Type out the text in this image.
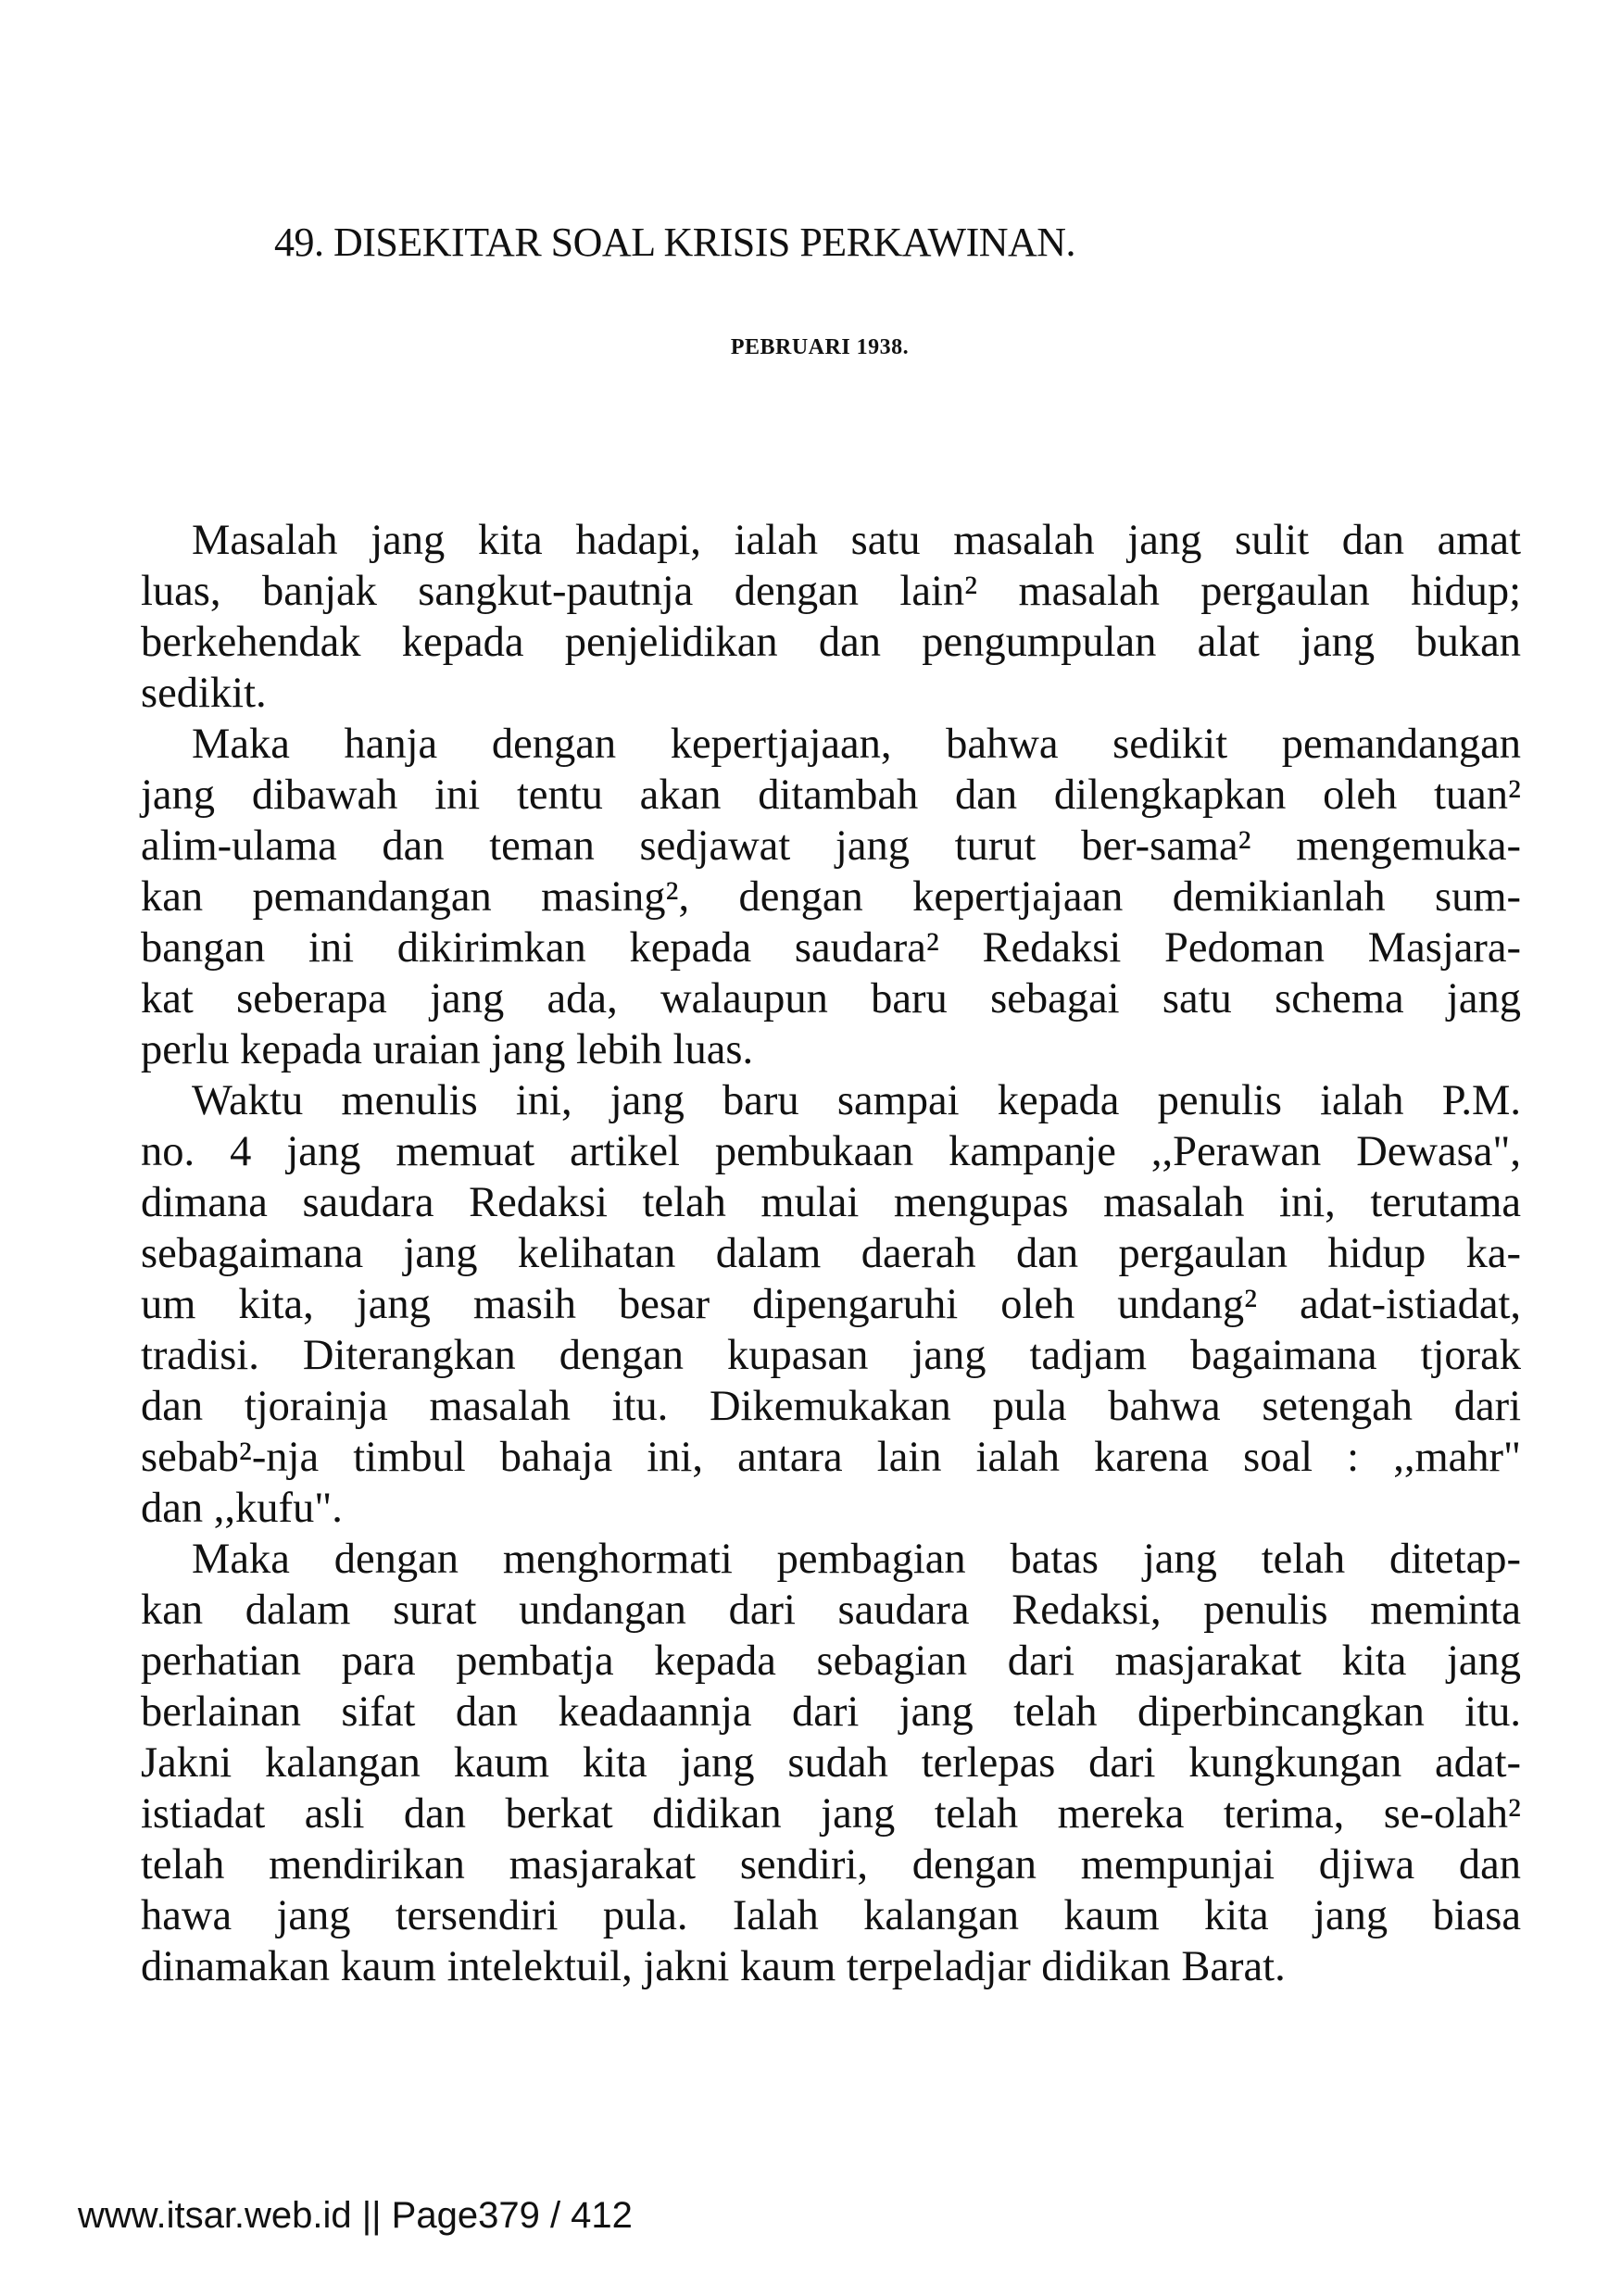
49. DISEKITAR SOAL KRISIS PERKAWINAN.
PEBRUARI 1938.
Masalah jang kita hadapi, ialah satu masalah jang sulit dan amat
luas, banjak sangkut-pautnja dengan lain² masalah pergaulan hidup;
berkehendak kepada penjelidikan dan pengumpulan alat jang bukan
sedikit.
Maka hanja dengan kepertjajaan, bahwa sedikit pemandangan
jang dibawah ini tentu akan ditambah dan dilengkapkan oleh tuan²
alim-ulama dan teman sedjawat jang turut ber-sama² mengemuka-
kan pemandangan masing², dengan kepertjajaan demikianlah sum-
bangan ini dikirimkan kepada saudara² Redaksi Pedoman Masjara-
kat seberapa jang ada, walaupun baru sebagai satu schema jang
perlu kepada uraian jang lebih luas.
Waktu menulis ini, jang baru sampai kepada penulis ialah P.M.
no. 4 jang memuat artikel pembukaan kampanje ,,Perawan Dewasa",
dimana saudara Redaksi telah mulai mengupas masalah ini, terutama
sebagaimana jang kelihatan dalam daerah dan pergaulan hidup ka-
um kita, jang masih besar dipengaruhi oleh undang² adat-istiadat,
tradisi. Diterangkan dengan kupasan jang tadjam bagaimana tjorak
dan tjorainja masalah itu. Dikemukakan pula bahwa setengah dari
sebab²-nja timbul bahaja ini, antara lain ialah karena soal : ,,mahr"
dan ,,kufu".
Maka dengan menghormati pembagian batas jang telah ditetap-
kan dalam surat undangan dari saudara Redaksi, penulis meminta
perhatian para pembatja kepada sebagian dari masjarakat kita jang
berlainan sifat dan keadaannja dari jang telah diperbincangkan itu.
Jakni kalangan kaum kita jang sudah terlepas dari kungkungan adat-
istiadat asli dan berkat didikan jang telah mereka terima, se-olah²
telah mendirikan masjarakat sendiri, dengan mempunjai djiwa dan
hawa jang tersendiri pula. Ialah kalangan kaum kita jang biasa
dinamakan kaum intelektuil, jakni kaum terpeladjar didikan Barat.
www.itsar.web.id || Page379 / 412
